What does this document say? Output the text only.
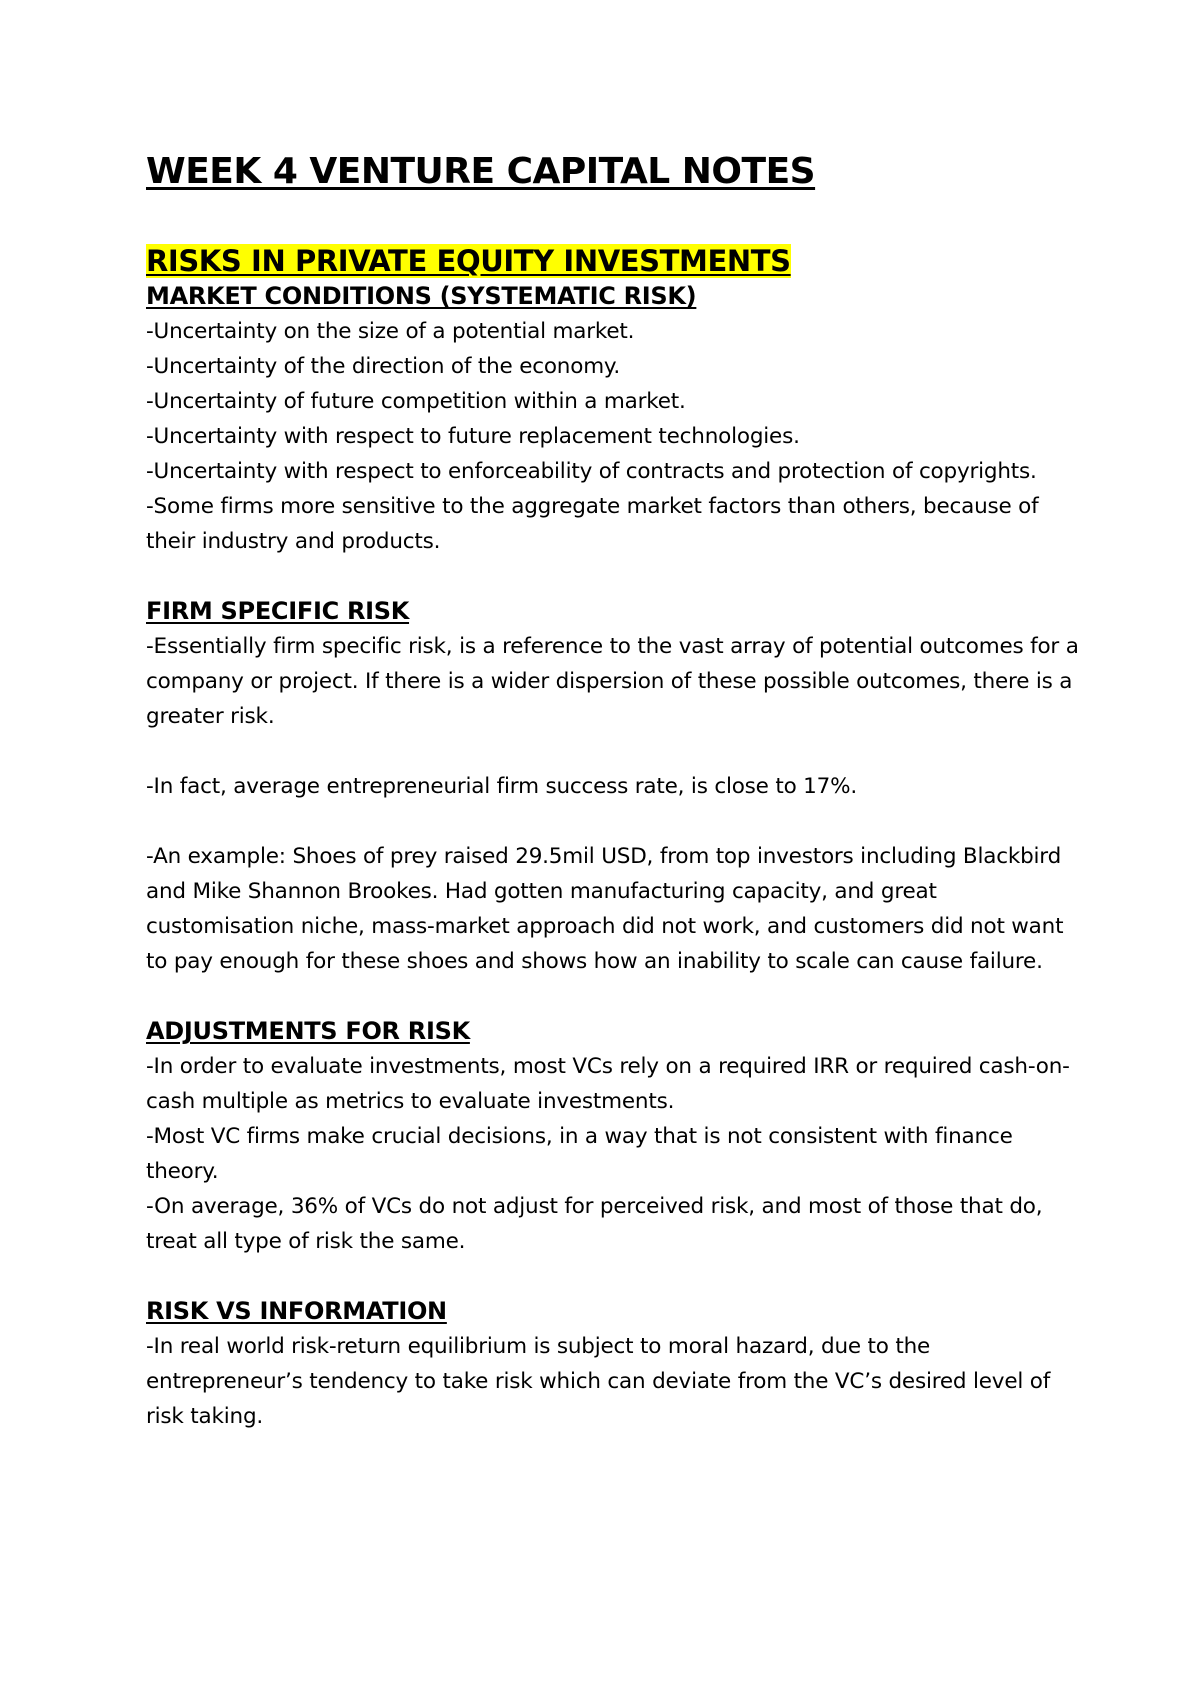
WEEK 4 VENTURE CAPITAL NOTES
RISKS IN PRIVATE EQUITY INVESTMENTS
MARKET CONDITIONS (SYSTEMATIC RISK)

-Uncertainty on the size of a potential market.

-Uncertainty of the direction of the economy.

-Uncertainty of future competition within a market.

-Uncertainty with respect to future replacement technologies.

-Uncertainty with respect to enforceability of contracts and protection of copyrights.

-Some firms more sensitive to the aggregate market factors than others, because of their industry and products.

FIRM SPECIFIC RISK

-Essentially firm specific risk, is a reference to the vast array of potential outcomes for a company or project. If there is a wider dispersion of these possible outcomes, there is a greater risk.

-In fact, average entrepreneurial firm success rate, is close to 17%.

-An example: Shoes of prey raised 29.5mil USD, from top investors including Blackbird and Mike Shannon Brookes. Had gotten manufacturing capacity, and great customisation niche, mass-market approach did not work, and customers did not want to pay enough for these shoes and shows how an inability to scale can cause failure.

ADJUSTMENTS FOR RISK

-In order to evaluate investments, most VCs rely on a required IRR or required cash-on-cash multiple as metrics to evaluate investments.

-Most VC firms make crucial decisions, in a way that is not consistent with finance theory.

-On average, 36% of VCs do not adjust for perceived risk, and most of those that do, treat all type of risk the same.

RISK VS INFORMATION

-In real world risk-return equilibrium is subject to moral hazard, due to the entrepreneur’s tendency to take risk which can deviate from the VC’s desired level of risk taking.
